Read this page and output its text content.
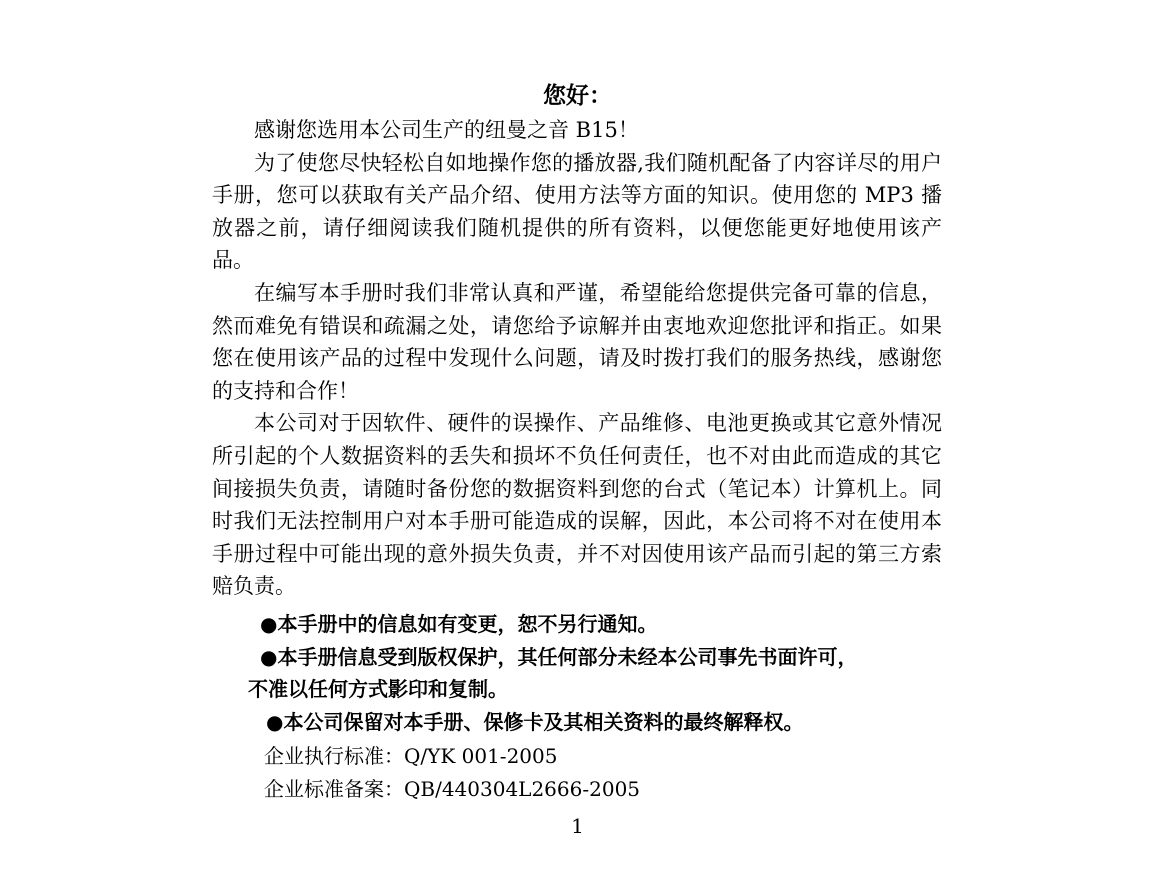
您好：

感谢您选用本公司生产的纽曼之音 B15！

为了使您尽快轻松自如地操作您的播放器,我们随机配备了内容详尽的用户手册，您可以获取有关产品介绍、使用方法等方面的知识。使用您的 MP3 播放器之前，请仔细阅读我们随机提供的所有资料，以便您能更好地使用该产品。

在编写本手册时我们非常认真和严谨，希望能给您提供完备可靠的信息，然而难免有错误和疏漏之处，请您给予谅解并由衷地欢迎您批评和指正。如果您在使用该产品的过程中发现什么问题，请及时拨打我们的服务热线，感谢您的支持和合作！

本公司对于因软件、硬件的误操作、产品维修、电池更换或其它意外情况所引起的个人数据资料的丢失和损坏不负任何责任，也不对由此而造成的其它间接损失负责，请随时备份您的数据资料到您的台式（笔记本）计算机上。同时我们无法控制用户对本手册可能造成的误解，因此，本公司将不对在使用本手册过程中可能出现的意外损失负责，并不对因使用该产品而引起的第三方索赔负责。

●本手册中的信息如有变更，恕不另行通知。

●本手册信息受到版权保护，其任何部分未经本公司事先书面许可，

不准以任何方式影印和复制。

●本公司保留对本手册、保修卡及其相关资料的最终解释权。

企业执行标准：Q/YK 001-2005

企业标准备案：QB/440304L2666-2005

1
